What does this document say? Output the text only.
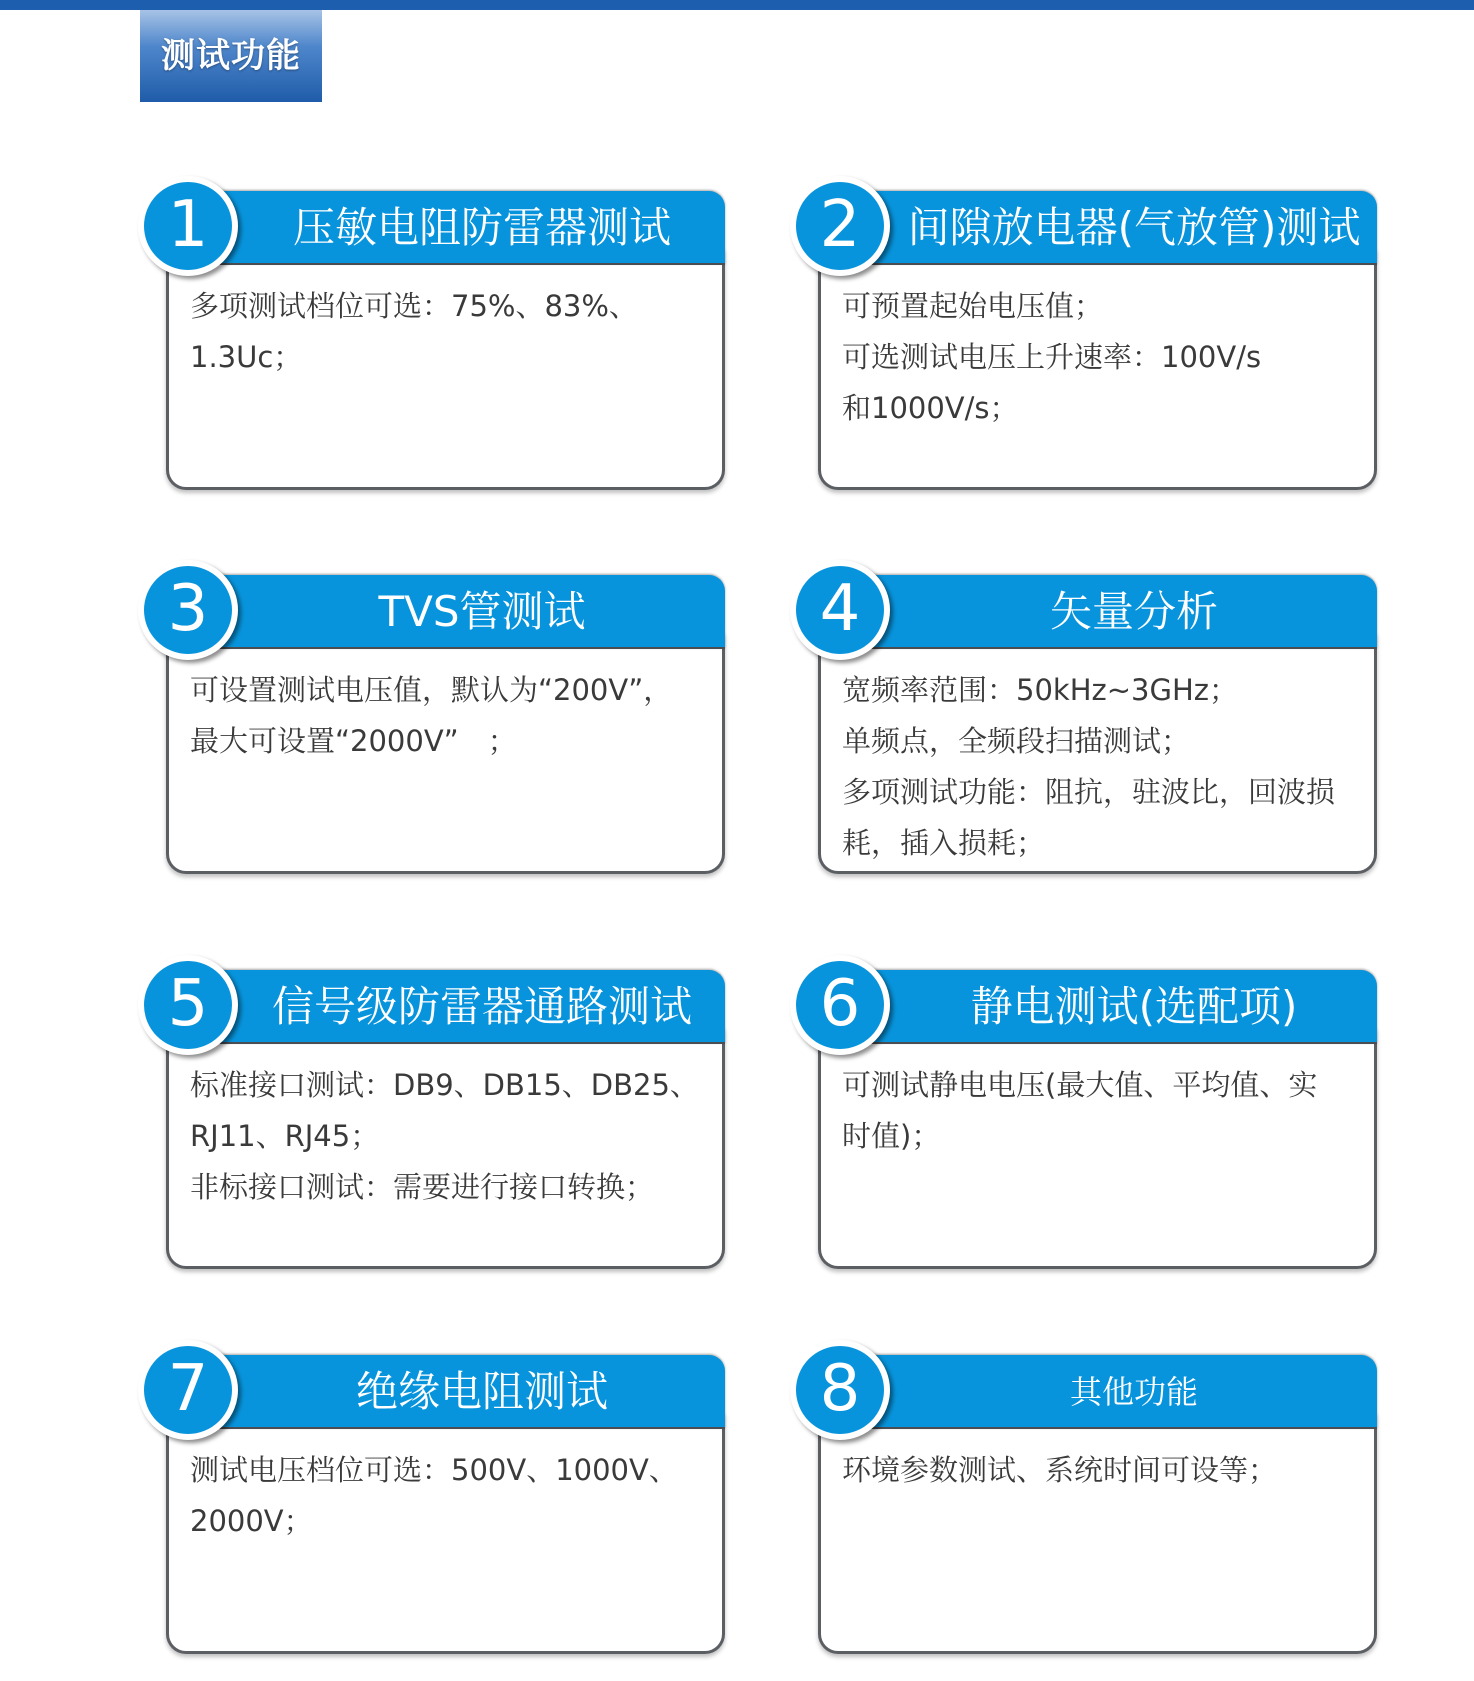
测试功能
压敏电阻防雷器测试
1
多项测试档位可选：75%、83%、
1.3Uc；
间隙放电器(气放管)测试
2
可预置起始电压值；
可选测试电压上升速率：100V/s
和1000V/s；
TVS管测试
3
可设置测试电压值，默认为“200V”，
最大可设置“2000V”　；
矢量分析
4
宽频率范围：50kHz~3GHz；
单频点，全频段扫描测试；
多项测试功能：阻抗，驻波比，回波损
耗，插入损耗；
信号级防雷器通路测试
5
标准接口测试：DB9、DB15、DB25、
RJ11、RJ45；
非标接口测试：需要进行接口转换；
静电测试(选配项)
6
可测试静电电压(最大值、平均值、实
时值)；
绝缘电阻测试
7
测试电压档位可选：500V、1000V、
2000V；
其他功能
8
环境参数测试、系统时间可设等；
